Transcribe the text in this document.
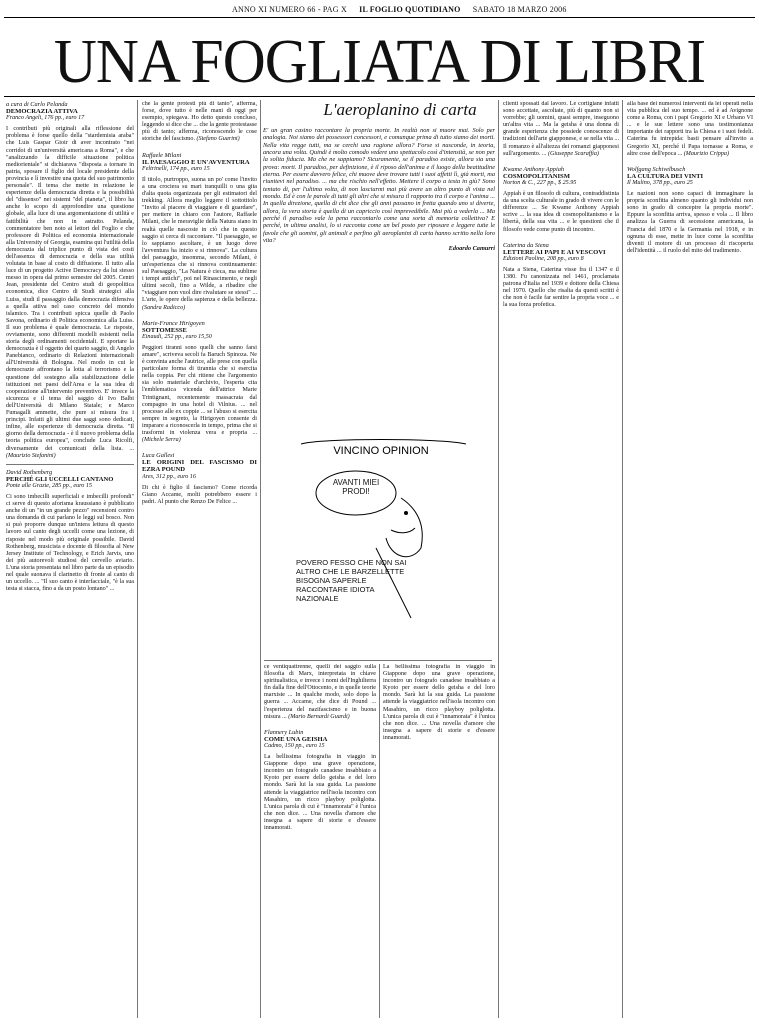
ANNO XI NUMERO 66 - PAG X IL FOGLIO QUOTIDIANO SABATO 18 MARZO 2006
UNA FOGLIATA DI LIBRI
a cura di Carlo Pelanda
DEMOCRAZIA ATTIVA
Franco Angeli, 176 pp., euro 17

I contributi più originali alla riflessione del problema è forse quello della "stardemisia araba" che Luis Gaspar Gioir di aver incontrato "nei corridoi di un'università americana a Roma", e che "analizzando la difficile situazione politica mediorientale" si dichiarava "disposta a tornare in patria, sposare il figlio del locale presidente della provincia e lì investire una quota del suo patrimonio personale". Il tema che mette in relazione le esperienze della democrazia diretta e la possibilità del "dissenso" nei sistemi "del pianeta", il libro ha anche lo scopo di approfondire una questione globale, alla luce di una argomentazione di utilità e fattibilità che non in astratto. Pelanda, commentatore ben noto ai lettori del Foglio e che professore di Politica ed economia internazionale alla University of Georgia, esamina qui l'utilità della democrazia dal triplice punto di vista dei costi dell'assenza di democrazia e della sua utilità volutata in base al costo di diffusione. Il tutto alla luce di un progetto Active Democracy da lui stesso messo in opera dal primo semestre del 2005. Centri Jean, presidente del Centro studi di geopolitica economica, dice Centro di Studi strategici alla Luiss, studi il passaggio dalla democrazia difensiva a quella attiva nel caso concreto del mondo islamico. Tra i contributi spicca quelle di Paolo Savona, ordinario di Politica economica alla Luiss. Il suo problema è quale democrazia. Le risposte, ovviamente, sono differenti modelli esistenti nella storia degli ordinamenti occidentali. E sportare la democrazia è il oggetto del quarto saggio, di Angelo Panebianco, ordinario di Relazioni internazionali all'Università di Bologna. Nel modo in cui le democrazie affrontano la lotta al terrorismo e la questione del sostegno alla stabilizzazione delle istituzioni nei paesi dell'Area e la sua idea di cooperazione all'intervento preventivo. E' invece la sicurezza e il tema del saggio di Ivo Balbi dell'Università di Milano Statale; e Marco Fumagalli ammette, che pure si misura fra i principi. Infatti gli ultimi due saggi sono dedicati, infine, alle esperienze di democrazia diretta. "Il giorno della democrazia - è il nuovo problema della teoria politica europea", conclude Luca Ricolfi, diversamente dei comunicati della lista. ... (Maurizio Stefanini)

David Rothenberg
PERCHÉ GLI UCCELLI CANTANO
Ponte alle Grazie, 285 pp., euro 15

Ci sono imbecilli superficiali e imbecilli profondi" ci serve di questo aforisma kraussiano è pubblicato anche di un "in un grande pezzo" recensioni contro una domanda di cui parlano le leggi sul bosco. Non si può proporre dunque un'intera lettura di questo lavoro sul canto degli uccelli come una lezione, di risposte nel modo più originale possibile. David Rothenberg, musicista e docente di filosofia al New Jersey Institute of Technology, e Erich Jarvis, uno dei più autorevoli studiosi del cervello aviario. L'una storia presentata nel libro parte da un episodio nel quale suonava il clarinetto di fronte al canto di un uccello. ... "Il suo canto è interfacciale, "è la sua testa si stacca, fino a da un posto lontano" ...

che la gente protesti più di tanto", afferma, forse, dove tutto è nelle mani di oggi per esempio, spiegava. Ho detto questo concluso, leggendo si dice che ... che la gente protestasse più di tanto; afferma, riconoscendo le cose storiche del fascismo. (Stefano Guarini)

Raffaele Milani
IL PAESAGGIO E UN'AVVENTURA
Feltrinelli, 174 pp., euro 15

Il titolo, purtroppo, suona un po' come l'invito a una crociera su mari tranquilli o una gita d'alta quota organizzata per gli estimatori del trekking. Allora meglio leggere il sottotitolo "Invito al piacere di viaggiare e di guardare", per mettere in chiaro con l'autore, Raffaele Milani, che le meraviglie della Natura siano in realtà quelle nascoste in ciò che in questo saggio si cerca di raccontare. "Il paesaggio, se lo sappiamo ascoltare, è un luogo dove l'avventura ha inizio e si rinnova". La cultura del paesaggio, insomma, secondo Milani, è un'esperienza che si rinnova continuamente: sul Paesaggio, "La Natura è cieca, ma sublime i tempi antichi", poi nel Rinascimento, e negli ultimi secoli, fino a Wilde, a ribadire che "viaggiare non vuol dire rivalutare se stessi" ... L'arte, le opere della sapienza e della bellezza. (Sandra Radicco)

Marie-France Hirigoyen
SOTTOMESSE
Einaudi, 252 pp., euro 15,50

Peggiori tiranni sono quelli che sanno farsi amare", scriveva secoli fa Baruch Spinoza. Ne è convinta anche l'autrice, alle prese con quella particolare forma di tirannia che si esercita nella coppia. Per chi ritiene che l'argomento sia solo materiale d'archivio, l'esperta cita l'emblematica vicenda dell'attrice Marie Trintignant, recentemente massacrata dal compagno in una hotel di Vilnius. ... nel processo alle ex coppie ... se l'abuso si esercita sempre in segreto, la Hirigoyen consente di imparare a riconoscerla in tempo, prima che si trasformi in violenza vera e propria ... (Michele Serra)

Luca Gallesi
LE ORIGINI DEL FASCISMO DI EZRA POUND
Ares, 312 pp., euro 16

Di chi è figlio il fascismo? Come ricorda Giano Accame, molti potrebbero essere i padri. Al punto che Renzo De Felice ...

L'aeroplanino di carta
E' un gran casino raccontare la propria morte. In realtà non si muore mai. Solo per analogia. Noi siamo dei possessori concessori, e comunque prima di tutto siamo dei morti. Nella vita regge tutti, ma se cerchi una ragione allora? Forse si nasconde, in teoria, ancora una volta. Quindi è molto comodo vedere uno spettacolo così d'intensità, se non per la solita fiducia. Ma che ne sappiamo? Sicuramente, se il paradiso esiste, allora sia una prova: morti. Il paradiso, per definizione, è il riposo dell'anima e il luogo della beatitudine eterna. Per essere davvero felice, chi muove deve trovare tutti i suoi affetti lì, già morti, ma riunitevi nel paradiso. ... ma che rischio nell'effetto. Mettere il corpo a testa in giù? Sono tentato di, per l'ultima volta, di non lasciarmi mai più avere un altro punto di vista nel mondo. Ed è con le parole di tutti gli altri che si misura il rapporto tra il corpo e l'anima ... In quella direzione, quella di chi dice che gli anni passano in fretta quando uno si diverte, allora, la vera storia è quella di un capriccio così imprevedibile. Mai più a vederla ... Ma perché il paradiso vale la pena raccontarlo come una sorta di memoria collettiva? E perché, in ultima analisi, lo si racconta come un bel posto per riposare e leggere tutte le favole che gli uomini, gli animali e perfino gli aeroplanini di carta hanno scritto nella loro vita?
Edoardo Camurri
VINCINO OPINION
AVANTI MIEI PRODI!
POVERO FESSO CHE NON SAI ALTRO CHE LE BARZELLETTE BISOGNA SAPERLE RACCONTARE IDIOTA NAZIONALE

ce ventiquattrenne, quelli dei saggio sulla filosofia di Marx, interpretata in chiave spiritualistica, e invece i nomi dell'Inghilterra fin dalla fine dell'Ottocento, e in quelle teorie marxiste ... In qualche modo, solo dopo la guerra ... Accame, che dice di Pound ... l'esperienza del nazifascismo e in buona misura ... (Mario Bernardi Guardi)

Flannery Lubin
COME UNA GEISHA
Cadmo, 150 pp., euro 15

La bellissima fotografia in viaggio in Giappone dopo una grave operazione, incontro un fotografo canadese insabbiato a Kyoto per essere dello geisha e del loro mondo. Sarà lui la sua guida. La passione attende la viaggiatrice nell'isola incontro con Masahiro, un ricco playboy poliglotta. L'unica parola di cui è "innamorata" è l'unica che non dice. ... Una novella d'amore che insegna a sapere di storie e d'essere innamorati.

La bellissima fotografia in viaggio in Giappone dopo una grave operazione, incontro un fotografo canadese insabbiato a Kyoto per essere dello geisha e del loro mondo. Sarà lui la sua guida. La passione attende la viaggiatrice nell'isola incontro con Masahiro, un ricco playboy poliglotta. L'unica parola di cui è "innamorata" è l'unica che non dice. ... Una novella d'amore che insegna a sapere di storie e d'essere innamorati.

clienti spossati dal lavoro. Le cortigiane infatti sono accettate, ascoltate, più di quanto non si vorrebbe; gli uomini, quasi sempre, inseguono un'altra vita ... Ma la geisha è una donna di grande esperienza che possiede conoscenze di tradizioni dell'arte giapponese, e se nella vita ... Il romanzo è all'altezza dei romanzi giapponesi sull'argomento. ... (Giuseppe Scaraffia)

Kwame Anthony Appiah
COSMOPOLITANISM
Norton & C., 227 pp., $ 25.95

Appiah è un filosofo di cultura, contraddistinta da una scelta culturale in grado di vivere con le differenze ... Se Kwame Anthony Appiah scrive ... la sua idea di cosmopolitanismo e la libertà, della sua vita ... e le questioni che il filosofo vede come punto di incontro.

Caterina da Siena
LETTERE AI PAPI E AI VESCOVI
Edizioni Paoline, 208 pp., euro 8

Nata a Siena, Caterina visse fra il 1347 e il 1380. Fu canonizzata nel 1461, proclamata patrona d'Italia nel 1939 e dottore della Chiesa nel 1970. Quello che risalta da questi scritti è che non è facile far sentire la propria voce ... e la sua forza profetica.

alla base dei numerosi interventi da lei operati nella vita pubblica del suo tempo. ... ed è ad Avignone come a Roma, con i papi Gregorio XI e Urbano VI ... e le sue lettere sono una testimonianza importante dei rapporti tra la Chiesa e i suoi fedeli. Caterina fu intrepida: basti pensare all'invito a Gregorio XI, perché il Papa tornasse a Roma, e altre cose dell'epoca ... (Maurizio Crippa)

Wolfgang Schivelbusch
LA CULTURA DEI VINTI
Il Mulino, 378 pp., euro 25

Le nazioni non sono capaci di immaginare la propria sconfitta almeno quanto gli individui non sono in grado di concepire la propria morte". Eppure la sconfitta arriva, spesso e vola ... Il libro analizza la Guerra di secessione americana, la Francia del 1870 e la Germania nel 1918, e in ognuna di esse, mette in luce come la sconfitta diventi il motore di un processo di riscoperta dell'identità ... il ruolo del mito del tradimento.
